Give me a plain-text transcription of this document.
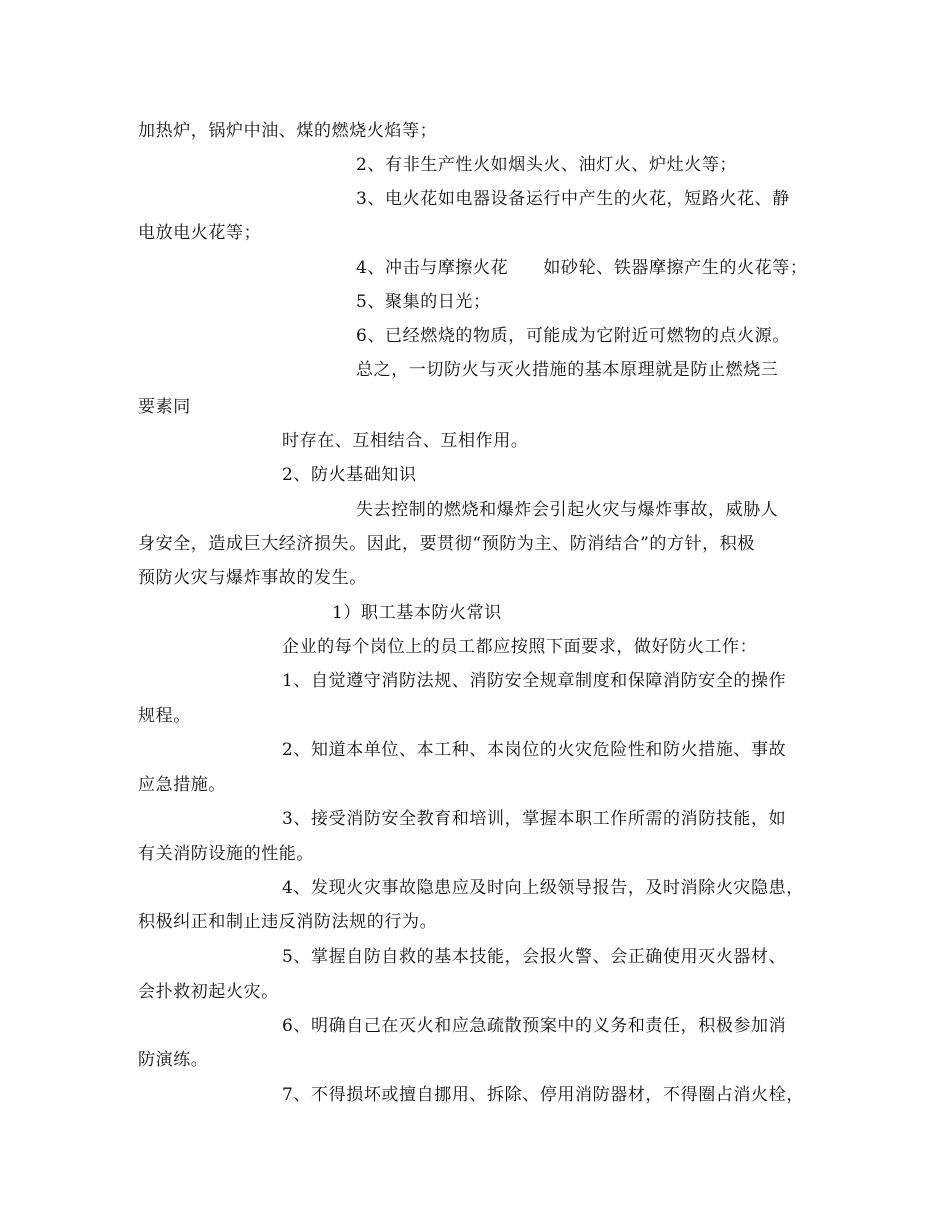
加热炉，锅炉中油、煤的燃烧火焰等；
2、有非生产性火如烟头火、油灯火、炉灶火等；
3、电火花如电器设备运行中产生的火花，短路火花、静
电放电火花等；
4、冲击与摩擦火花　　如砂轮、铁器摩擦产生的火花等；
5、聚集的日光；
6、已经燃烧的物质，可能成为它附近可燃物的点火源。
总之，一切防火与灭火措施的基本原理就是防止燃烧三
要素同
时存在、互相结合、互相作用。
2、防火基础知识
失去控制的燃烧和爆炸会引起火灾与爆炸事故，威胁人
身安全，造成巨大经济损失。因此，要贯彻“预防为主、防消结合”的方针，积极
预防火灾与爆炸事故的发生。
1）职工基本防火常识
企业的每个岗位上的员工都应按照下面要求，做好防火工作：
1、自觉遵守消防法规、消防安全规章制度和保障消防安全的操作
规程。
2、知道本单位、本工种、本岗位的火灾危险性和防火措施、事故
应急措施。
3、接受消防安全教育和培训，掌握本职工作所需的消防技能，如
有关消防设施的性能。
4、发现火灾事故隐患应及时向上级领导报告，及时消除火灾隐患，
积极纠正和制止违反消防法规的行为。
5、掌握自防自救的基本技能，会报火警、会正确使用灭火器材、
会扑救初起火灾。
6、明确自己在灭火和应急疏散预案中的义务和责任，积极参加消
防演练。
7、不得损坏或擅自挪用、拆除、停用消防器材，不得圈占消火栓，
